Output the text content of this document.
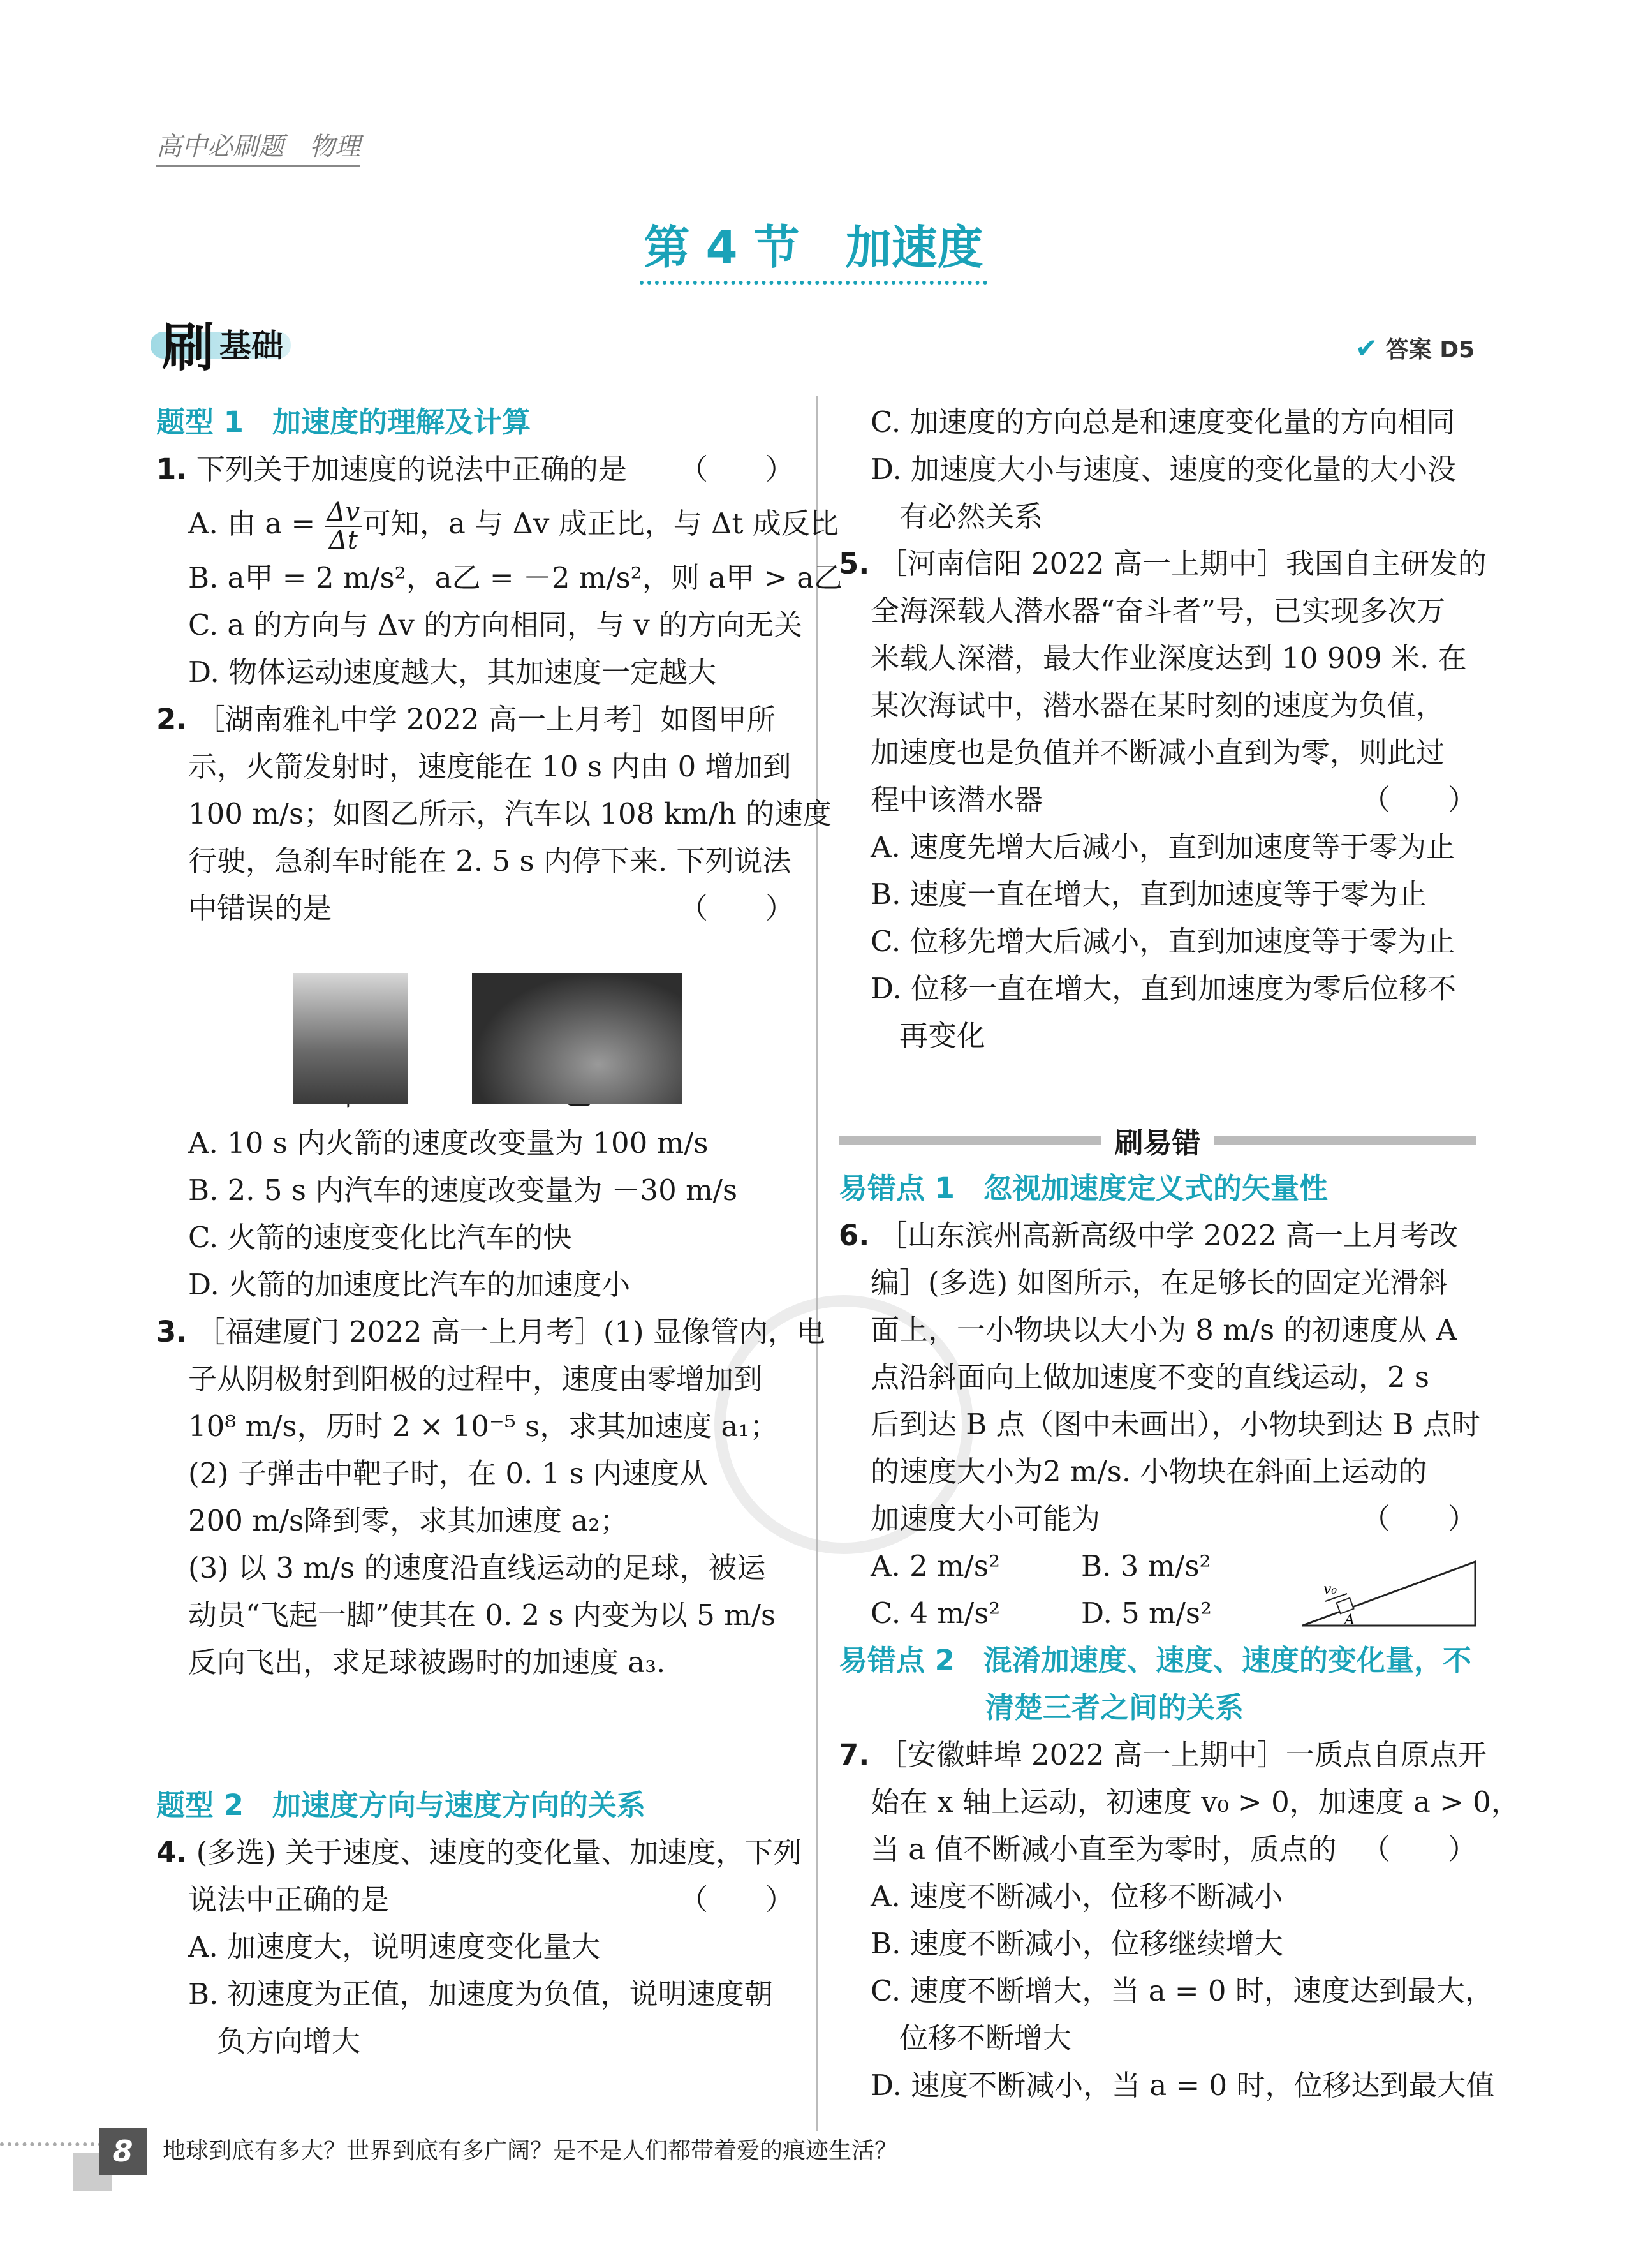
高中必刷题　物理
第 4 节　加速度
刷 基础	✔ 答案 D5

题型 1　加速度的理解及计算

1. 下列关于加速度的说法中正确的是 （　　）

A. 由 $a = \frac{\Delta v}{\Delta t}$ 可知，a 与 Δv 成正比，与 Δt 成反比

B. a甲 = 2 m/s²，a乙 = －2 m/s²，则 a甲 > a乙

C. a 的方向与 Δv 的方向相同，与 v 的方向无关

D. 物体运动速度越大，其加速度一定越大

2. ［湖南雅礼中学 2022 高一上月考］如图甲所

示，火箭发射时，速度能在 10 s 内由 0 增加到

100 m/s；如图乙所示，汽车以 108 km/h 的速度

行驶，急刹车时能在 2. 5 s 内停下来. 下列说法

中错误的是	（　　）

A. 10 s 内火箭的速度改变量为 100 m/s

B. 2. 5 s 内汽车的速度改变量为 －30 m/s

C. 火箭的速度变化比汽车的快

D. 火箭的加速度比汽车的加速度小

3. ［福建厦门 2022 高一上月考］(1) 显像管内，电

子从阴极射到阳极的过程中，速度由零增加到

10⁸ m/s，历时 2 × 10⁻⁵ s，求其加速度 a₁；

(2) 子弹击中靶子时，在 0. 1 s 内速度从

200 m/s降到零，求其加速度 a₂；

(3) 以 3 m/s 的速度沿直线运动的足球，被运

动员“飞起一脚”使其在 0. 2 s 内变为以 5 m/s

反向飞出，求足球被踢时的加速度 a₃.

题型 2　加速度方向与速度方向的关系

4. (多选) 关于速度、速度的变化量、加速度，下列

说法中正确的是	（　　）

A. 加速度大，说明速度变化量大

B. 初速度为正值，加速度为负值，说明速度朝

负方向增大

C. 加速度的方向总是和速度变化量的方向相同

D. 加速度大小与速度、速度的变化量的大小没

有必然关系

5. ［河南信阳 2022 高一上期中］我国自主研发的

全海深载人潜水器“奋斗者”号，已实现多次万

米载人深潜，最大作业深度达到 10 909 米. 在

某次海试中，潜水器在某时刻的速度为负值，

加速度也是负值并不断减小直到为零，则此过

程中该潜水器	（　　）

A. 速度先增大后减小，直到加速度等于零为止

B. 速度一直在增大，直到加速度等于零为止

C. 位移先增大后减小，直到加速度等于零为止

D. 位移一直在增大，直到加速度为零后位移不

再变化

易错点 1　忽视加速度定义式的矢量性

6. ［山东滨州高新高级中学 2022 高一上月考改

编］(多选) 如图所示，在足够长的固定光滑斜

面上，一小物块以大小为 8 m/s 的初速度从 A

点沿斜面向上做加速度不变的直线运动，2 s

后到达 B 点（图中未画出），小物块到达 B 点时

的速度大小为2 m/s. 小物块在斜面上运动的

加速度大小可能为	（　　）

A. 2 m/s²	B. 3 m/s²

C. 4 m/s²	D. 5 m/s²

易错点 2　混淆加速度、速度、速度的变化量，不

清楚三者之间的关系

7. ［安徽蚌埠 2022 高一上期中］一质点自原点开

始在 x 轴上运动，初速度 v₀ > 0，加速度 a > 0，

当 a 值不断减小直至为零时，质点的 （　　）

A. 速度不断减小，位移不断减小

B. 速度不断减小，位移继续增大

C. 速度不断增大，当 a = 0 时，速度达到最大，

位移不断增大

D. 速度不断减小，当 a = 0 时，位移达到最大值

刷易错
v₀
A
8	地球到底有多大？世界到底有多广阔？是不是人们都带着爱的痕迹生活？
